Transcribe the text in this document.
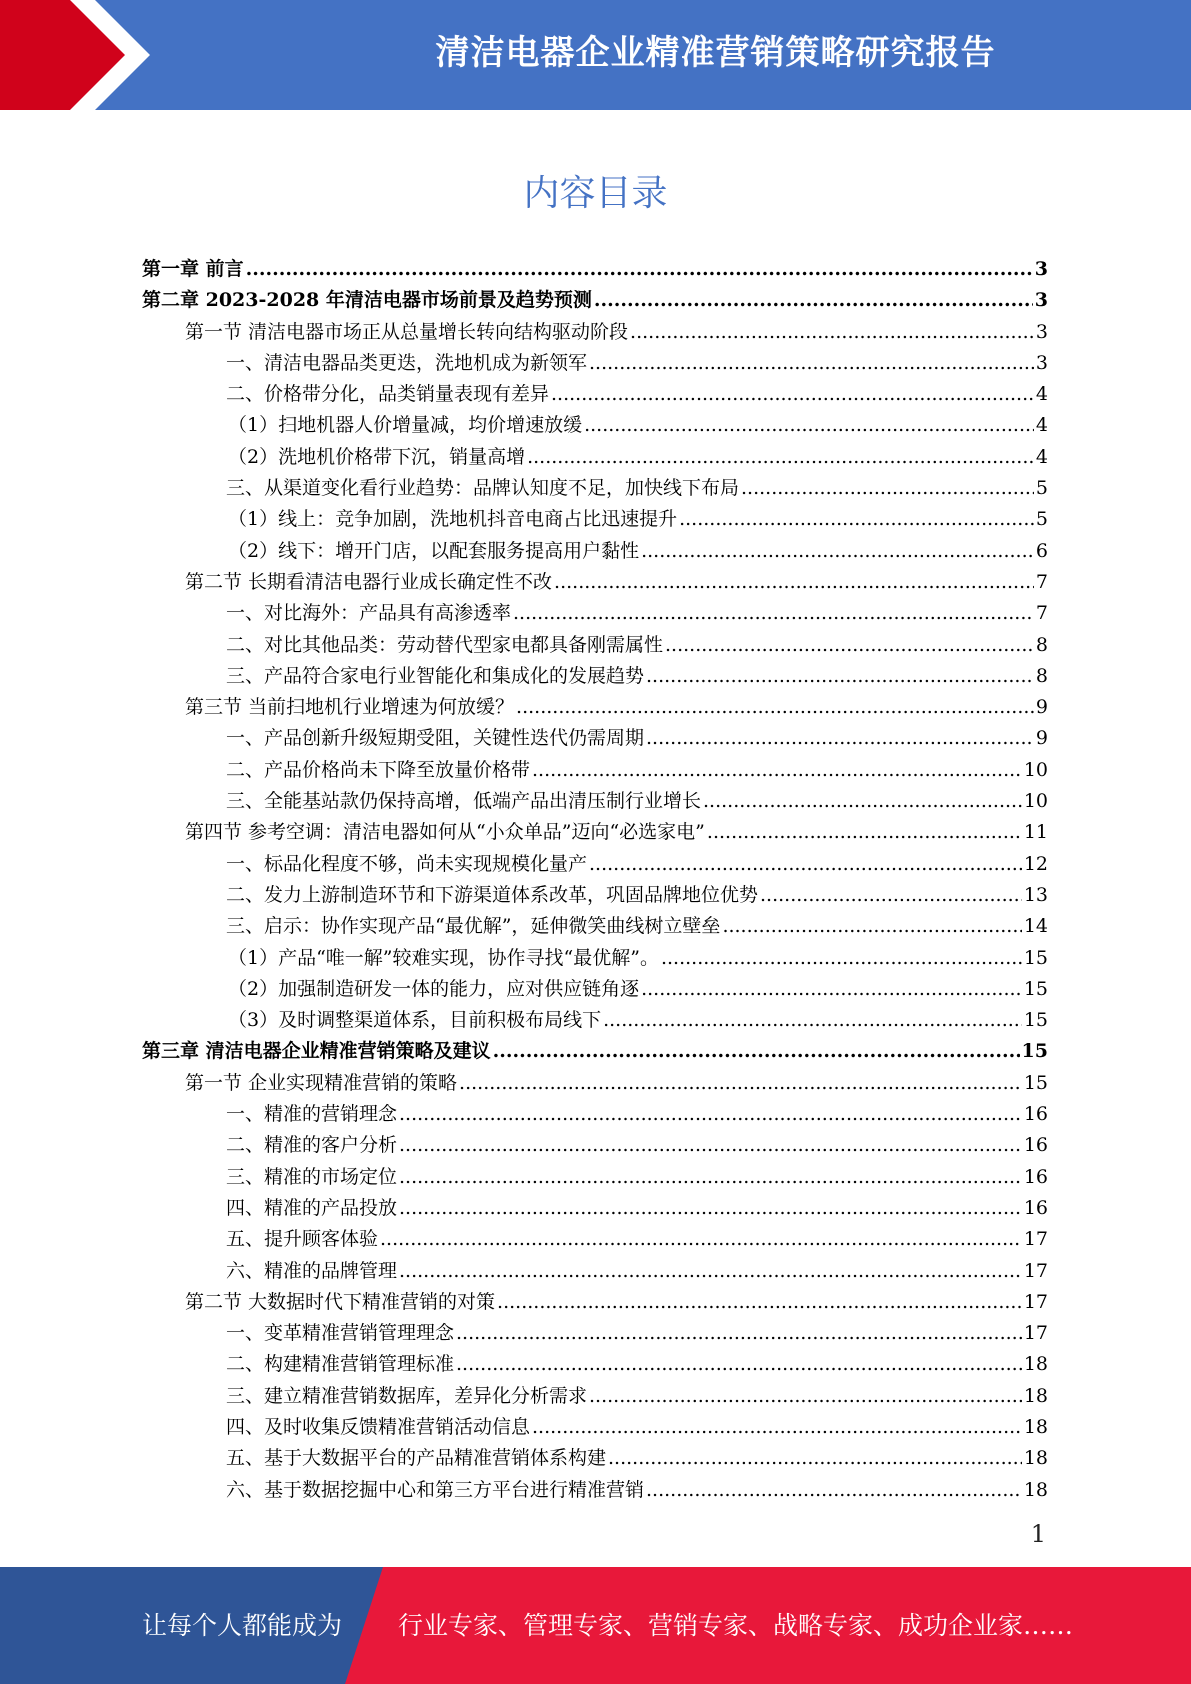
清洁电器企业精准营销策略研究报告
内容目录
第一章 前言 .....	3
第二章 2023-2028 年清洁电器市场前景及趋势预测 .....	3
第一节 清洁电器市场正从总量增长转向结构驱动阶段 .....	3
一、清洁电器品类更迭，洗地机成为新领军 .....	3
二、价格带分化，品类销量表现有差异 .....	4
（1）扫地机器人价增量减，均价增速放缓 .....	4
（2）洗地机价格带下沉，销量高增 .....	4
三、从渠道变化看行业趋势：品牌认知度不足，加快线下布局 .....	5
（1）线上：竞争加剧，洗地机抖音电商占比迅速提升 .....	5
（2）线下：增开门店，以配套服务提高用户黏性 .....	6
第二节 长期看清洁电器行业成长确定性不改 .....	7
一、对比海外：产品具有高渗透率 .....	7
二、对比其他品类：劳动替代型家电都具备刚需属性 .....	8
三、产品符合家电行业智能化和集成化的发展趋势 .....	8
第三节 当前扫地机行业增速为何放缓？ .....	9
一、产品创新升级短期受阻，关键性迭代仍需周期 .....	9
二、产品价格尚未下降至放量价格带 .....	10
三、全能基站款仍保持高增，低端产品出清压制行业增长 .....	10
第四节 参考空调：清洁电器如何从“小众单品”迈向“必选家电” .....	11
一、标品化程度不够，尚未实现规模化量产 .....	12
二、发力上游制造环节和下游渠道体系改革，巩固品牌地位优势 .....	13
三、启示：协作实现产品“最优解”，延伸微笑曲线树立壁垒 .....	14
（1）产品“唯一解”较难实现，协作寻找“最优解”。 .....	15
（2）加强制造研发一体的能力，应对供应链角逐 .....	15
（3）及时调整渠道体系，目前积极布局线下 .....	15
第三章 清洁电器企业精准营销策略及建议 .....	15
第一节 企业实现精准营销的策略 .....	15
一、精准的营销理念 .....	16
二、精准的客户分析 .....	16
三、精准的市场定位 .....	16
四、精准的产品投放 .....	16
五、提升顾客体验 .....	17
六、精准的品牌管理 .....	17
第二节 大数据时代下精准营销的对策 .....	17
一、变革精准营销管理理念 .....	17
二、构建精准营销管理标准 .....	18
三、建立精准营销数据库，差异化分析需求 .....	18
四、及时收集反馈精准营销活动信息 .....	18
五、基于大数据平台的产品精准营销体系构建 .....	18
六、基于数据挖掘中心和第三方平台进行精准营销 .....	18
1
让每个人都能成为 行业专家、管理专家、营销专家、战略专家、成功企业家……
